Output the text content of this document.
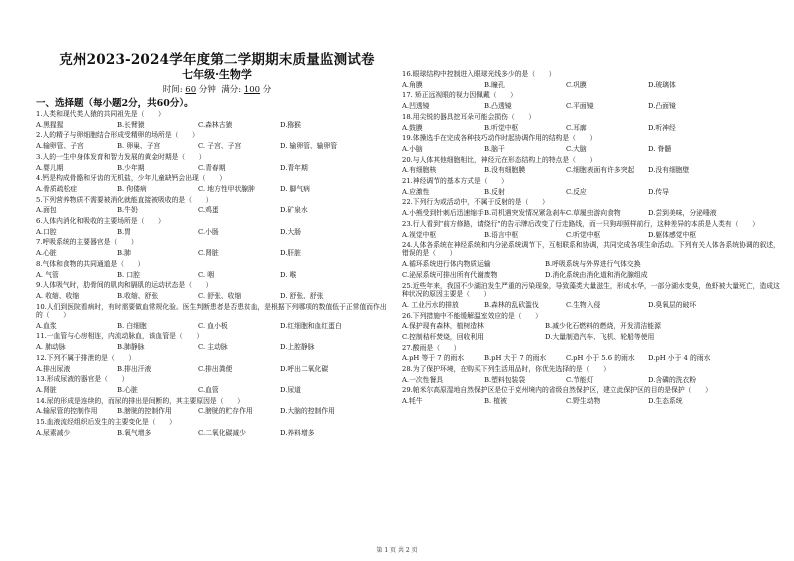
克州2023-2024学年度第二学期期末质量监测试卷
七年级·生物学
时间: 60 分钟 满分: 100 分
一、选择题（每小题2分，共60分）。
1.人类和现代类人猿的共同祖先是（　　）
A.黑猩猩	B.长臂猿	C.森林古猿	D.猕猴
2.人的精子与卵细胞结合形成受精卵的场所是（　　）
A.输卵管、子宫	B. 卵巢、子宫	C. 子宫、子宫	D. 输卵管、输卵管
3.人的一生中身体发育和智力发展的黄金时期是（　　）
A.婴儿期	B.少年期	C.青春期	D.青年期
4.钙是构成骨骼和牙齿的无机盐，少年儿童缺钙会出现（　　）
A.骨质疏松症	B. 佝偻病	C. 地方性甲状腺肿	D. 脚气病
5.下列营养物质不需要被消化就能直接被吸收的是（　　）
A.面包	B.牛奶	C.鸡蛋	D.矿泉水
6.人体内消化和吸收的主要场所是（　　）
A.口腔	B.胃	C.小肠	D.大肠
7.呼吸系统的主要器官是（　　）
A.心脏	B.肺	C.肾脏	D.肝脏
8.气体和食物的共同通道是（　　）
A. 气管	B. 口腔	C. 咽	D. 喉
9.人体吸气时，肋骨间的肌肉和膈肌的运动状态是（　　）
A. 收缩、收缩	B.收缩、舒张	C. 舒张、收缩	D. 舒张、舒张
10.人们到医院看病时，有时需要做血常规化验。医生判断患者是否患贫血，是根据下列哪项的数值低于正常值而作出的（　　）
A.血浆	B. 白细胞	C. 血小板	D.红细胞和血红蛋白
11.一血管与心房相连，内流动脉血，该血管是（　　）
A. 肺动脉	B.肺静脉	C. 主动脉	D.上腔静脉
12.下列不属于排泄的是（　　）
A.排出尿液	B.排出汗液	C.排出粪便	D.呼出二氧化碳
13.形成尿液的器官是（　　）
A.肾脏	B.心脏	C.血管	D.尿道
14.尿的形成是连续的，而尿的排出是间断的，其主要原因是（　　）
A.输尿管的控制作用	B.膀胱的控制作用	C.膀胱的贮存作用	D.大脑的控制作用
15.血液流经组织后发生的主要变化是（　　）
A.尿素减少	B.氧气增多	C.二氧化碳减少	D.养料增多
16.眼球结构中控制进入眼球光线多少的是（　　）
A.角膜	B.瞳孔	C.巩膜	D.玻璃体
17. 矫正远视眼的视力因佩戴（　　）
A.凹透镜	B.凸透镜	C.平面镜	D.凸面镜
18.用尖锐的器具挖耳朵可能会损伤（　　）
A.鼓膜	B.听觉中枢	C.耳廓	D.听神经
19.体操选手在完成各种技巧动作时起协调作用的结构是（　　）
A.小脑	B.脑干	C.大脑	D. 脊髓
20.与人体其他细胞相比，神经元在形态结构上的特点是（　　）
A.有细胞核	B.没有细胞膜	C.细胞表面有许多突起 D.没有细胞壁
21.神经调节的基本方式是（　　）
A.应激性	B.反射	C.反应	D.传导
22.下列行为或活动中，不属于反射的是（　　）
A.小熊受到针刺后迅速缩手 B.司机遇突发情况紧急刹车 C.草履虫游向食物	D.尝到美味，分泌唾液
23.行人看到"前方修路，请绕行"的告示牌后改变了行走路线，而一只狗却照样前行，这种差异的本质是人类有（　　）
A.视觉中枢	B.语言中枢	C.听觉中枢	D.躯体感觉中枢
24.人体各系统在神经系统和内分泌系统调节下，互相联系和协调，共同完成各项生命活动。下列有关人体各系统协调的叙述，错误的是（　　）
A.循环系统进行体内物质运输	B.呼吸系统与外界进行气体交换
C.泌尿系统可排出所有代谢废物	D.消化系统由消化道和消化腺组成
25.近些年来，我国不少湖泊发生严重的污染现象，导致藻类大量滋生，形成水华，一部分湖水变臭，鱼虾被大量死亡，造成这种状况的原因主要是（　　）
A. 工业污水的排放	B.森林的乱砍滥伐	C.生物入侵	D.臭氧层的破坏
26.下列措施中不能缓解温室效应的是（　　）
A.保护现有森林，植树造林	B.减少化石燃料的燃烧，开发清洁能源
C.控制秸秆焚烧，回收利用	D.大量制造汽车、飞机、轮船等使用
27.酸雨是（　　）
A.pH 等于 7 的雨水	B.pH 大于 7 的雨水	C.pH 小于 5.6 的雨水 D.pH 小于 4 的雨水
28.为了保护环境，在购买下列生活用品时，你优先选择的是（　　）
A.一次性餐具	B.塑料包装袋	C.节能灯	D.含磷的洗衣粉
29.帕米尔高原湿地自然保护区是位于克州境内的省级自然保护区，建立此保护区的目的是保护（　　）
A.牦牛	B. 植被	C.野生动物	D.生态系统
第 1 页 共 2 页
